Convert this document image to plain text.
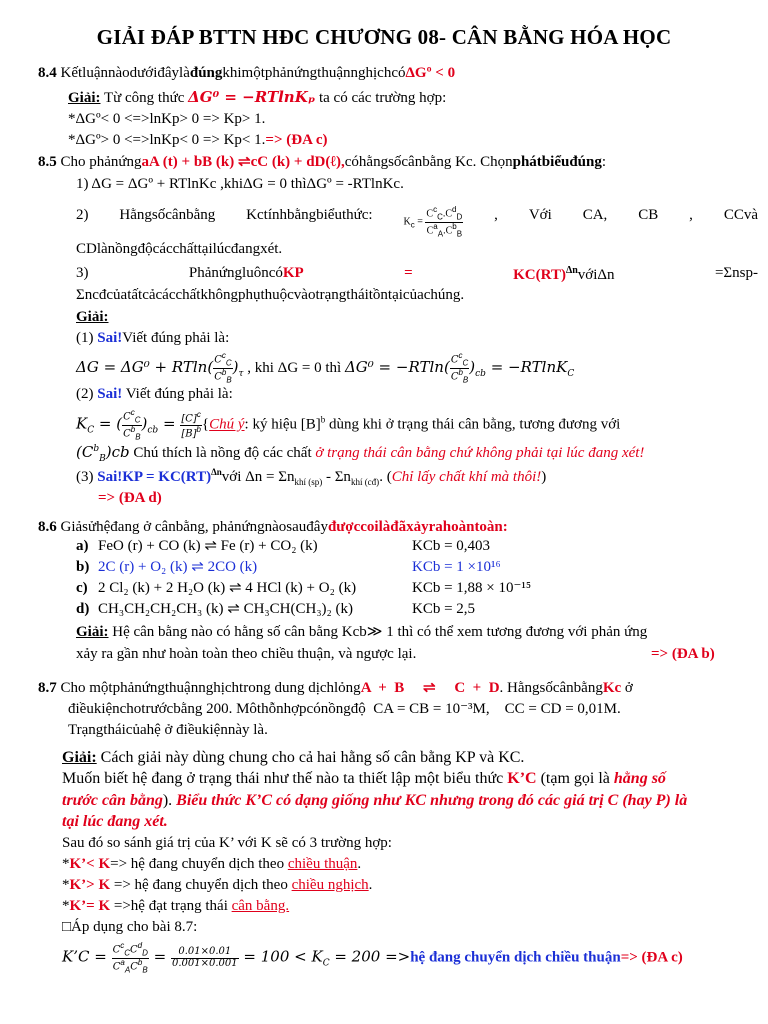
GIẢI ĐÁP BTTN HĐC CHƯƠNG 08- CÂN BẰNG HÓA HỌC
8.4 KếtluậnnàodướiđâylàđúngkhimộtphảnứngthuậnnghịchcóΔGº < 0
Giải: Từ công thức ΔG⁰ = −RTlnKₚ ta có các trường hợp:
*ΔGº< 0 <=>lnKp> 0 => Kp> 1.
*ΔGº> 0 <=>lnKp< 0 => Kp< 1.=> (ĐA c)
8.5 Cho phảnứngaA (t) + bB (k) ⇌cC (k) + dD(ℓ),cóhằngsốcânbằng Kc. Chọnphátbiểuđúng:
1) ΔG = ΔGº + RTlnKc ,khiΔG = 0 thìΔGº = -RTlnKc.
2) Hằngsốcânbằng Kctínhbằngbiểuthức:	$K_c = \frac{C^c_C.C^d_D}{C^a_A.C^b_B}$ , Với CA, CB , CCvà
CDlànồngđộcácchấttạilúcđangxét.
3)	PhảnứngluôncóKP	=	KC(RT)$^{\Delta n}$vớiΔn	=Σnsp-
Σncđcủatấtcảcácchấtkhôngphụthuộcvàotrạngtháitồntạicủachúng.
Giải:
(1) Sai!Viết đúng phải là:
$\Delta G = \Delta G^0 + RTln( \frac{C^c_C}{C^b_B} )_\tau$ , khi ΔG = 0 thì $\Delta G^0 = -RTln( \frac{C^c_C}{C^b_B} )_{cb} = -RTlnK_C$
(2) Sai! Viết đúng phải là:
$K_C$ = ( $\frac{C^c_C}{C^b_B} )_{cb} = \frac{[C]^c}{[B]^b}$ {Chú ý: ký hiệu $[B]^b$ dùng khi ở trạng thái cân bằng, tương đương với
$(C^b_B)cb$ Chú thích là nồng độ các chất ở trạng thái cân bằng chứ không phải tại lúc đang xét!
(3) Sai!KP = KC(RT)$^{\Delta n}$với $\Delta n = \Sigma n_{khí (sp)} - \Sigma n_{khí (cđ)}$. (Chỉ lấy chất khí mà thôi!)
=> (ĐA d)
8.6 Giảsửhệđang ở cânbằng, phảnứngnàosauđâyđượccoilàđãxảyrahoàntoàn:
a) FeO (r) + CO (k) ⇌ Fe (r) + CO₂ (k)	KCb = 0,403
b) 2C (r) + O₂ (k) ⇌ 2CO (k)	KCb = 1 ×10¹⁶
c) 2 Cl₂ (k) + 2 H₂O (k) ⇌ 4 HCl (k) + O₂ (k)	KCb = 1,88 × 10⁻¹⁵
d) CH₃CH₂CH₂CH₃ (k) ⇌ CH₃CH(CH₃)₂ (k)	KCb = 2,5
Giải: Hệ cân bằng nào có hằng số cân bằng Kcb≫ 1 thì có thể xem tương đương với phản ứng
xảy ra gần như hoàn toàn theo chiều thuận, và ngược lại.	=> (ĐA b)
8.7 Cho mộtphảnứngthuậnnghịchtrong dung dịchlỏngA  +  B     ⇌     C  +  D. HằngsốcânbằngKc ở
điềukiệnchotrướcbằng 200. Môthỗnhợpcónồngđộ  CA = CB = 10⁻³M,    CC = CD = 0,01M.
Trạngtháicủahệ ở điềukiệnnày là.
Giải: Cách giải này dùng chung cho cả hai hằng số cân bằng KP và KC.
Muốn biết hệ đang ở trạng thái như thế nào ta thiết lập một biểu thức K’C (tạm gọi là hằng số
trước cân bằng). Biểu thức K’C có dạng giống như KC nhưng trong đó các giá trị C (hay P) là
tại lúc đang xét.
Sau đó so sánh giá trị của K’ với K sẽ có 3 trường hợp:
*K’< K=> hệ đang chuyển dịch theo chiều thuận.
*K’> K => hệ đang chuyển dịch theo chiều nghịch.
*K’= K =>hệ đạt trạng thái cân bằng.
□Áp dụng cho bài 8.7:
K’C = $\frac{C^c_CC^d_D}{C^a_AC^b_B} = \frac{0.01\times 0.01}{0.001\times 0.001} = 100 < K_C = 200$ =>hệ đang chuyển dịch chiều thuận=> (ĐA c)
